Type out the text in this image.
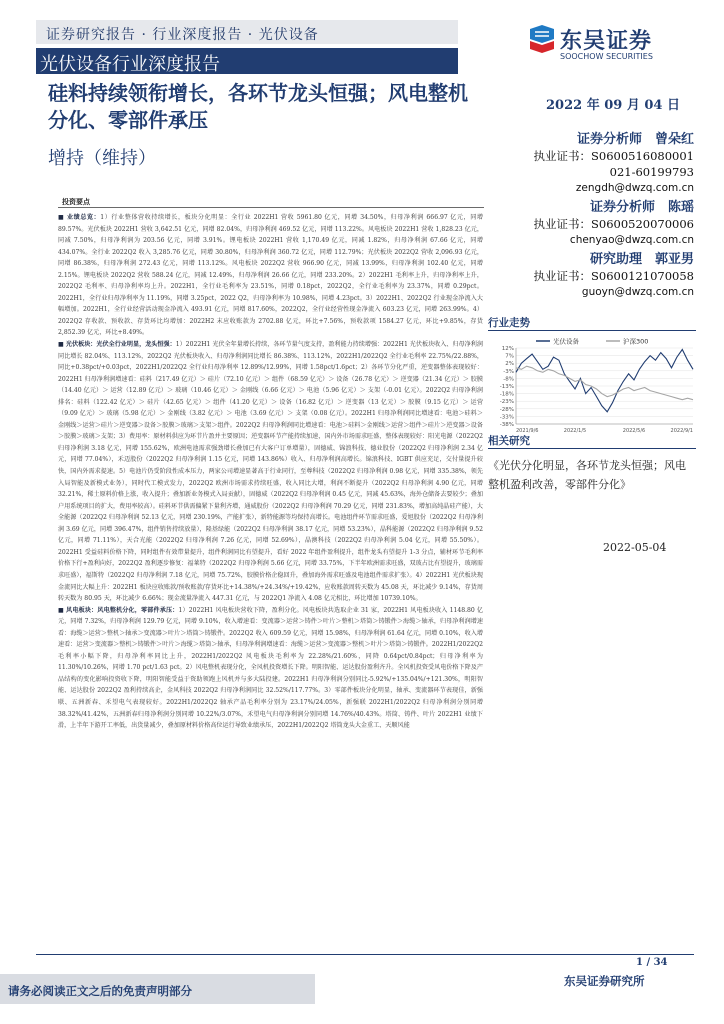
证券研究报告 · 行业深度报告 · 光伏设备
光伏设备行业深度报告
东吴证券
SOOCHOW SECURITIES
硅料持续领衔增长，各环节龙头恒强；风电整机分化、零部件承压
增持（维持）
2022 年 09 月 04 日
证券分析师　曾朵红
执业证书：S0600516080001
021-60199793
zengdh@dwzq.com.cn
证券分析师　陈瑶
执业证书：S0600520070006
chenyao@dwzq.com.cn
研究助理　郭亚男
执业证书：S0600121070058
guoyn@dwzq.com.cn
投资要点

■ 业绩总览：1）行业整体营收持续增长，板块分化明显：全行业 2022H1 营收 5961.80 亿元，同增 34.50%，归母净利润 666.97 亿元，同增 89.57%。光伏板块 2022H1 营收 3,642.51 亿元，同增 82.04%，归母净利润 469.52 亿元，同增 113.22%。风电板块 2022H1 营收 1,828.23 亿元，同减 7.50%，归母净利润为 203.56 亿元，同增 3.91%。锂电板块 2022H1 营收 1,170.49 亿元，同减 1.82%，归母净利润 67.66 亿元，同增 434.07%。全行业 2022Q2 收入 3,285.76 亿元，同增 30.80%，归母净利润 360.72 亿元，同增 112.79%；光伏板块 2022Q2 营收 2,096.93 亿元，同增 86.38%，归母净利润 272.43 亿元，同增 113.12%。风电板块 2022Q2 营收 966.90 亿元，同减 13.99%，归母净利润 102.40 亿元，同增 2.15%。锂电板块 2022Q2 营收 588.24 亿元，同减 12.49%，归母净利润 26.66 亿元，同增 233.20%。2）2022H1 毛利率上升，归母净利率上升，2022Q2 毛利率、归母净利率均上升。2022H1，全行业毛利率为 23.51%，同增 0.18pct，2022Q2，全行业毛利率为 23.37%，同增 0.29pct。2022H1，全行业归母净利率为 11.19%，同增 3.25pct，2022 Q2，归母净利率为 10.98%，同增 4.23pct。3）2022H1、2022Q2 行业现金净流入大幅增加。2022H1，全行业经营活动现金净流入 493.91 亿元，同增 817.60%，2022Q2，全行业经营性现金净流入 603.23 亿元，同增 263.99%。4）2022Q2 存收款、预收款、存货环比均增加：2022H2 末应收账款为 2702.88 亿元，环比+7.56%，预收款项 1584.27 亿元，环比+9.85%，存货 2,852.39 亿元，环比+8.49%。

■ 光伏板块：光伏全行业明显，龙头恒强：1）2022H1 光伏全年量增长持续，各环节量气度支持，盈利能力持续增强：2022H1 光伏板块收入、归母净利润同比增长 82.04%、113.12%，2022Q2 光伏板块收入、归母净利润同比增长 86.38%、113.12%，2022H1/2022Q2 全行业毛利率 22.75%/22.88%，同比+0.38pct/+0.03pct，2022H1/2022Q2 全行业归母净利率 12.89%/12.99%，同增 1.58pct/1.6pct；2）各环节分化严重，逆变器整体表现较好：2022H1 归母净利润增速看：硅料（217.49 亿元）＞ 硅片（72.10 亿元）＞ 组件（68.59 亿元）＞ 设备（26.78 亿元）＞ 逆变器（21.34 亿元）＞ 胶膜（14.40 亿元）＞ 运营（12.89 亿元）＞ 玻璃（10.46 亿元）＞ 金刚线（6.66 亿元）＞ 电池（5.96 亿元）＞ 支架（-0.01 亿元）。2022Q2 归母净利润排名：硅料（122.42 亿元）＞ 硅片（42.65 亿元）＞ 组件（41.20 亿元）＞ 设备（16.82 亿元）＞ 逆变器（13 亿元）＞ 胶膜（9.15 亿元）＞ 运营（9.09 亿元）＞ 玻璃（5.98 亿元）＞ 金刚线（3.82 亿元）＞ 电池（3.69 亿元）＞ 支架（0.08 亿元）。2022H1 归母净利润同比增速看：电池＞硅料＞金刚线＞运营＞硅片＞逆变器＞设备＞胶膜＞玻璃＞支架＞组件。2022Q2 归母净利润同比增速看：电池＞硅料＞金刚线＞运营＞组件＞硅片＞逆变器＞设备＞胶膜＞玻璃＞支架；3）费用率：原材料供应为环节片盈并主要原因；逆变器环节产能持续加速，国内外市场需求旺盛，整体表现较好：阳光电源（2022Q2 归母净利润 3.18 亿元，同增 155.62%，欧洲电池需求强劲增长叠加已有大客户订单增量），固德威、锦浪科技、德业股份（2022Q2 归母净利润 2.34 亿元，同增 77.04%），禾迈股份（2022Q2 归母净利润 1.15 亿元，同增 143.86%）收入、归母净利润高增长。锦浪科技、IGBT 供应充足，交付量提升较快，国内外需求提速。5）电池片仍受阶段性成本压力，两家公司增速显著高于行业同行，至尊科技（2022Q2 归母净利润 0.98 亿元，同增 335.38%，领先入局智能及新模式业务），同时代工模式发力，2022Q2 欧洲市场需求持续旺盛，收入同比大增，利润不断提升（2022Q2 归母净利润 4.90 亿元，同增 32.21%，稀土原料价格上涨，收入提升；叠加新业务模式入局贡献），固德威（2022Q2 归母净利润 0.45 亿元，同减 45.63%，海外仓储备去要较少；叠加户用系统项目的扩大，费用率较高）。硅料环节供需偏紧下量利齐增，通威股份（2022Q2 归母净利润 70.29 亿元，同增 231.83%，增加高纯晶硅产能），大全能源（2022Q2 归母净利润 52.13 亿元，同增 230.19%，产能扩张），新特能源等均保持高增长。电池组件环节需求旺盛，爱旭股份（2022Q2 归母净利润 3.69 亿元，同增 396.47%，组件销售持续放量），隆基绿能（2022Q2 归母净利润 38.17 亿元，同增 53.23%），晶科能源（2022Q2 归母净利润 9.52 亿元，同增 71.11%），天合光能（2022Q2 归母净利润 7.26 亿元，同增 52.69%），晶澳科技（2022Q2 归母净利润 5.04 亿元，同增 55.50%）。2022H1 受益硅料价格下降，同时组件有效带量提升，组件利润同比有望提升，看好 2022 年组件盈利提升，组件龙头有望提升 1-3 分点，辅材环节毛利率价格下行+盈利向好，2022Q2 盈利逐步修复：福莱特（2022Q2 归母净利润 5.66 亿元，同增 33.75%，下半年欧洲需求旺盛，双玻占比有望提升，玻璃需求旺盛），福斯特（2022Q2 归母净利润 7.18 亿元，同增 75.72%，胶膜价格企稳回升，叠加海外需求旺盛及电池组件需求扩张）。4）2022H1 光伏板块现金流同比大幅上升：2022H1 板块应收账款/预收账款/存货环比+14.38%/+24.34%/+19.42%，应收账款周转天数为 45.08 天，环比减少 9.14%，存货周转天数为 80.95 天，环比减少 6.66%；现金流量净流入 447.31 亿元，与 2022Q1 净流入 4.08 亿元相比，环比增加 10739.10%。

■ 风电板块：风电整机分化，零部件承压：1）2022H1 风电板块营收下降，盈利分化。风电板块共选取企业 31 家，2022H1 风电板块收入 1148.80 亿元，同增 7.32%，归母净利润 129.79 亿元，同增 9.10%，收入增速看：变流器＞运营＞铸件＞叶片＞整机＞塔筒＞铸锻件＞海缆＞轴承，归母净利润增速看：海缆＞运营＞整机＞轴承＞变流器＞叶片＞塔筒＞铸锻件。2022Q2 收入 609.59 亿元，同增 15.98%，归母净利润 61.64 亿元，同增 0.10%，收入增速看：运营＞变流器＞整机＞铸锻件＞叶片＞海缆＞塔筒＞轴承，归母净利润增速看：海缆＞运营＞变流器＞整机＞叶片＞塔筒＞铸锻件。2022H1/2022Q2 毛利率小幅下降，归母净利率同比上升，2022H1/2022Q2 风电板块毛利率为 22.28%/21.60%，同降 0.64pct/0.84pct；归母净利率为 11.30%/10.26%，同增 1.70 pct/1.63 pct。2）风电整机表现分化，全风机投资增长下降。明阳智能、运达股份盈利齐升。全风机投资受风电价格下降及产品结构的变化影响投资收下降，明阳智能受益于资助领跑上风机并与多大陆投建。2022H1 归母净利润分别同比-5.92%/+135.04%/+121.30%，明阳智能、运达股份 2022Q2 盈利持续高企，金风科技 2022Q2 归母净利润同比 32.52%/117.77%。3）零部件板块分化明显，轴承、变流器环节表现佳，新强联、五洲新春、禾望电气表现较好。2022H1/2022Q2 轴承产品毛利率分别为 23.17%/24.05%，新强联 2022H1/2022Q2 归母净利润分别同增 38.32%/41.42%，五洲新春归母净利润分别同增 10.22%/3.07%，禾望电气归母净利润分别同增 14.76%/40.43%。塔筒、铸件、叶片 2022H1 业绩下滑，上半年下游开工率低，出货量减少，叠加原材料价格高位运行导致业绩承压，2022H1/2022Q2 塔筒龙头大金重工、天顺风能

行业走势
光伏设备	沪深300
-38%
-33%
-28%
-23%
-18%
-13%
-8%
-3%
2%
7%
12%
2021/9/6	2022/1/5	2022/5/6	2022/9/1
相关研究
《光伏分化明显，各环节龙头恒强；风电整机盈利改善，零部件分化》
2022-05-04
1 / 34
东吴证券研究所
请务必阅读正文之后的免责声明部分
